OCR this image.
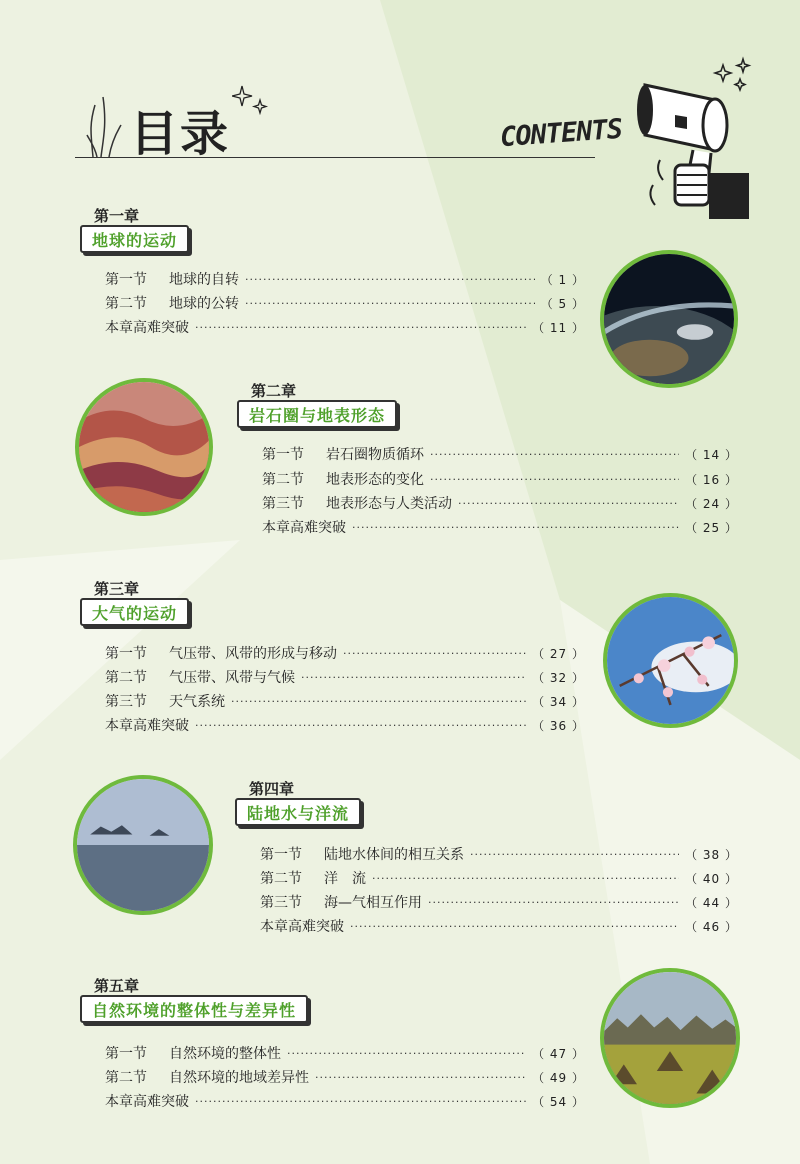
目录	CONTENTS
第一章
地球的运动
第一节	地球的自转 ·····	（ 1 ）
第二节	地球的公转 ·····	（ 5 ）
本章高难突破 ·····	（ 11 ）
第二章
岩石圈与地表形态
第一节	岩石圈物质循环 ·····	（ 14 ）
第二节	地表形态的变化 ·····	（ 16 ）
第三节	地表形态与人类活动 ·····	（ 24 ）
本章高难突破 ·····	（ 25 ）
第三章
大气的运动
第一节	气压带、风带的形成与移动 ·····	（ 27 ）
第二节	气压带、风带与气候 ·····	（ 32 ）
第三节	天气系统 ·····	（ 34 ）
本章高难突破 ·····	（ 36 ）
第四章
陆地水与洋流
第一节	陆地水体间的相互关系 ·····	（ 38 ）
第二节	洋　流 ·····	（ 40 ）
第三节	海—气相互作用 ·····	（ 44 ）
本章高难突破 ·····	（ 46 ）
第五章
自然环境的整体性与差异性
第一节	自然环境的整体性 ·····	（ 47 ）
第二节	自然环境的地域差异性 ·····	（ 49 ）
本章高难突破 ·····	（ 54 ）
